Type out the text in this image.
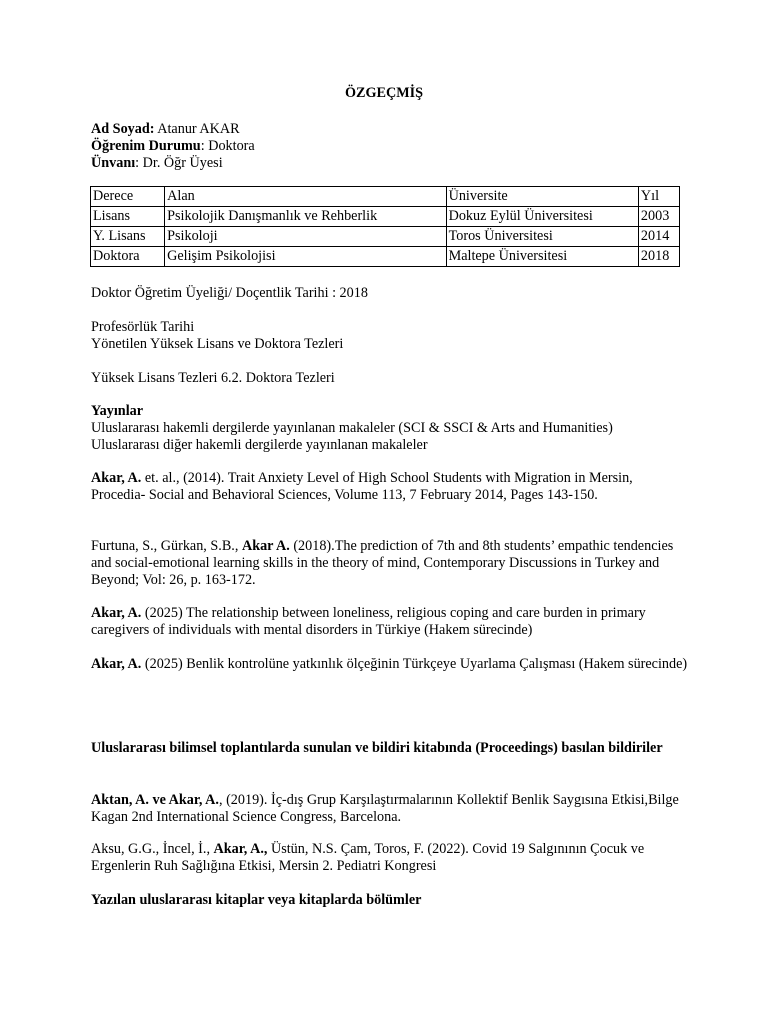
ÖZGEÇMİŞ
Ad Soyad: Atanur AKAR
Öğrenim Durumu: Doktora
Ünvanı: Dr. Öğr Üyesi
Derece	Alan	Üniversite	Yıl
Lisans	Psikolojik Danışmanlık ve Rehberlik	Dokuz Eylül Üniversitesi	2003
Y. Lisans	Psikoloji	Toros Üniversitesi	2014
Doktora	Gelişim Psikolojisi	Maltepe Üniversitesi	2018
Doktor Öğretim Üyeliği/ Doçentlik Tarihi : 2018
Profesörlük Tarihi
Yönetilen Yüksek Lisans ve Doktora Tezleri
Yüksek Lisans Tezleri 6.2. Doktora Tezleri
Yayınlar
Uluslararası hakemli dergilerde yayınlanan makaleler (SCI & SSCI & Arts and Humanities)
Uluslararası diğer hakemli dergilerde yayınlanan makaleler
Akar, A. et. al., (2014). Trait Anxiety Level of High School Students with Migration in Mersin, Procedia- Social and Behavioral Sciences, Volume 113, 7 February 2014, Pages 143-150.
Furtuna, S., Gürkan, S.B., Akar A. (2018).The prediction of 7th and 8th students’ empathic tendencies and social-emotional learning skills in the theory of mind, Contemporary Discussions in Turkey and Beyond; Vol: 26, p. 163-172.
Akar, A. (2025) The relationship between loneliness, religious coping and care burden in primary caregivers of individuals with mental disorders in Türkiye (Hakem sürecinde)
Akar, A. (2025) Benlik kontrolüne yatkınlık ölçeğinin Türkçeye Uyarlama Çalışması (Hakem sürecinde)
Uluslararası bilimsel toplantılarda sunulan ve bildiri kitabında (Proceedings) basılan bildiriler
Aktan, A. ve Akar, A., (2019). İç-dış Grup Karşılaştırmalarının Kollektif Benlik Saygısına Etkisi,Bilge Kagan 2nd International Science Congress, Barcelona.
Aksu, G.G., İncel, İ., Akar, A., Üstün, N.S. Çam, Toros, F. (2022). Covid 19 Salgınının Çocuk ve Ergenlerin Ruh Sağlığına Etkisi, Mersin 2. Pediatri Kongresi
Yazılan uluslararası kitaplar veya kitaplarda bölümler
